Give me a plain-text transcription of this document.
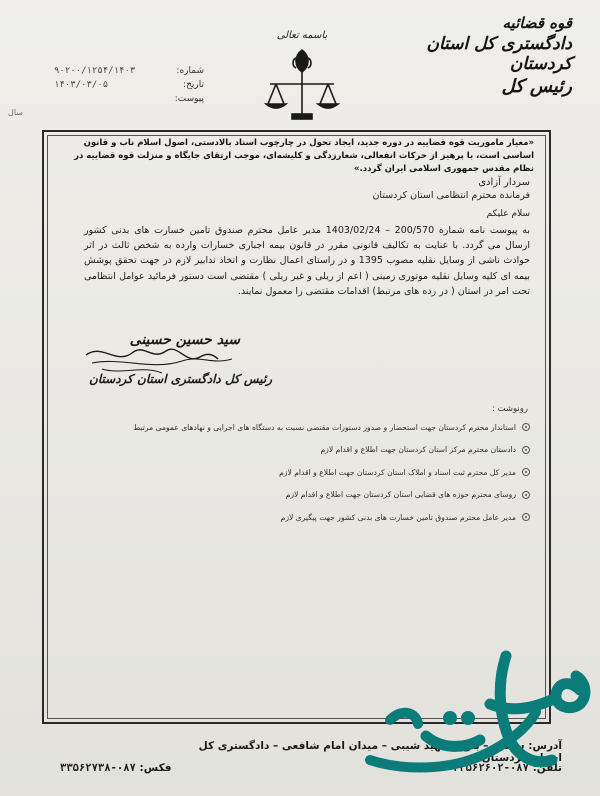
قوه قضائیه
دادگستری کل استان کردستان
رئیس کل
باسمه تعالی
۹۰۲۰۰/۱۲۵۴/۱۴۰۳	شماره:
۱۴۰۳/۰۳/۰۵	تاریخ:
پیوست:
سال
«معیار ماموریت قوه قضاییه در دوره جدید، ایجاد تحول در چارچوب اسناد بالادستی، اصول اسلام ناب و قانون اساسی است، با پرهیز از حرکات انفعالی، شعارزدگی و کلیشه‌ای، موجب ارتقای جایگاه و منزلت قوه قضاییه در نظام مقدس جمهوری اسلامی ایران گردد.»
سردار آزادی
فرمانده محترم انتظامی استان کردستان
سلام علیکم
به پیوست نامه شماره 200/570 – 1403/02/24 مدیر عامل محترم صندوق تامین خسارت های بدنی کشور ارسال می گردد. با عنایت به تکالیف قانونی مقرر در قانون بیمه اجباری خسارات وارده به شخص ثالث در اثر حوادث ناشی از وسایل نقلیه مصوب 1395 و در راستای اعمال نظارت و اتخاذ تدابیر لازم در جهت تحقق پوشش بیمه ای کلیه وسایل نقلیه موتوری زمینی ( اعم از ریلی و غیر ریلی ) مقتضی است دستور فرمائید عوامل انتظامی تحت امر در استان ( در رده های مرتبط) اقدامات مقتضی را معمول نمایند.
سید حسین حسینی
رئیس کل دادگستری استان کردستان
رونوشت :
استاندار محترم کردستان جهت استحضار و صدور دستورات مقتضی نسبت به دستگاه های اجرایی و نهادهای عمومی مرتبط
دادستان محترم مرکز استان کردستان جهت اطلاع و اقدام لازم
مدیر کل محترم ثبت اسناد و املاک استان کردستان جهت اطلاع و اقدام لازم
روسای محترم حوزه های قضایی استان کردستان جهت اطلاع و اقدام لازم
مدیر عامل محترم صندوق تامین خسارت های بدنی کشور جهت پیگیری لازم
آدرس: سنندج – بلوار شهید شیبی – میدان امام شافعی – دادگستری کل استان کردستان
تلفن: ۰۸۷-۳۳۵۶۲۶۰۲-۳۳۵۶۲۷۳۶
فکس: ۰۸۷-۳۳۵۶۲۷۳۸
